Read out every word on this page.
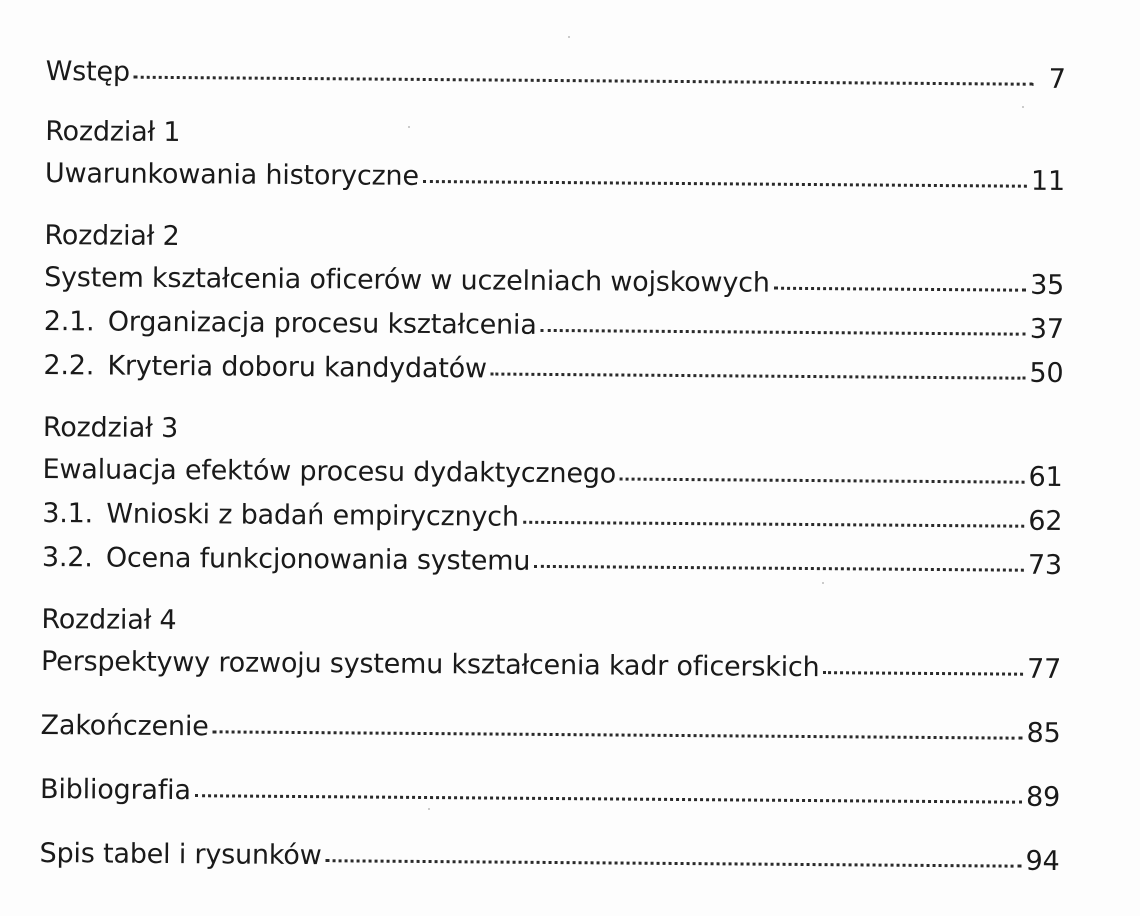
Wstęp	7
Rozdział 1
Uwarunkowania historyczne	11
Rozdział 2
System kształcenia oficerów w uczelniach wojskowych	35
2.1. Organizacja procesu kształcenia	37
2.2. Kryteria doboru kandydatów	50
Rozdział 3
Ewaluacja efektów procesu dydaktycznego	61
3.1. Wnioski z badań empirycznych	62
3.2. Ocena funkcjonowania systemu	73
Rozdział 4
Perspektywy rozwoju systemu kształcenia kadr oficerskich	77
Zakończenie	85
Bibliografia	89
Spis tabel i rysunków	94
